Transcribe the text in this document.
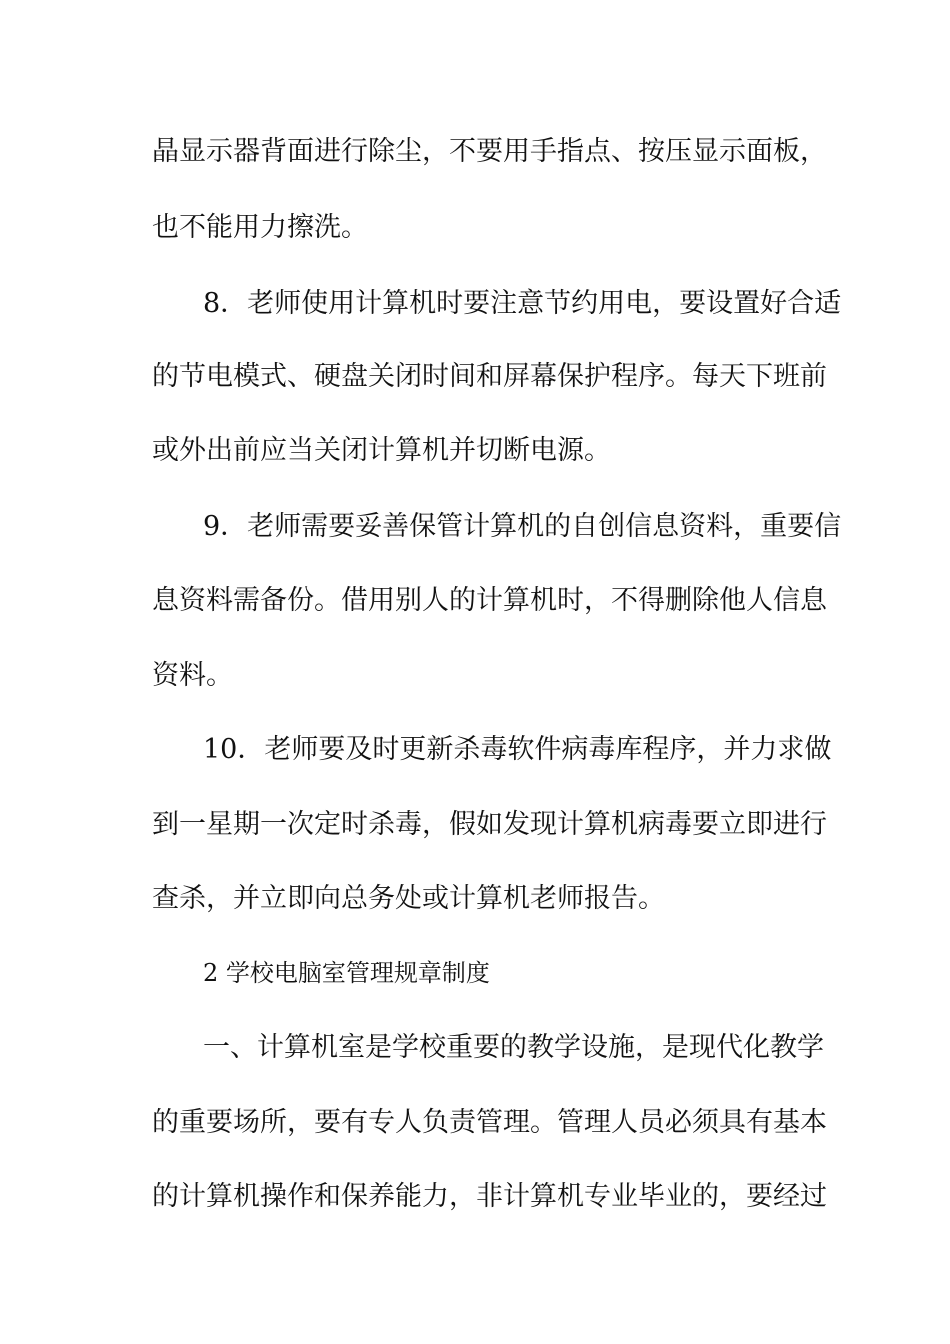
晶显示器背面进行除尘，不要用手指点、按压显示面板，
也不能用力擦洗。
8．老师使用计算机时要注意节约用电，要设置好合适
的节电模式、硬盘关闭时间和屏幕保护程序。每天下班前
或外出前应当关闭计算机并切断电源。
9．老师需要妥善保管计算机的自创信息资料，重要信
息资料需备份。借用别人的计算机时，不得删除他人信息
资料。
10．老师要及时更新杀毒软件病毒库程序，并力求做
到一星期一次定时杀毒，假如发现计算机病毒要立即进行
查杀，并立即向总务处或计算机老师报告。
2 学校电脑室管理规章制度
一、计算机室是学校重要的教学设施，是现代化教学
的重要场所，要有专人负责管理。管理人员必须具有基本
的计算机操作和保养能力，非计算机专业毕业的，要经过
